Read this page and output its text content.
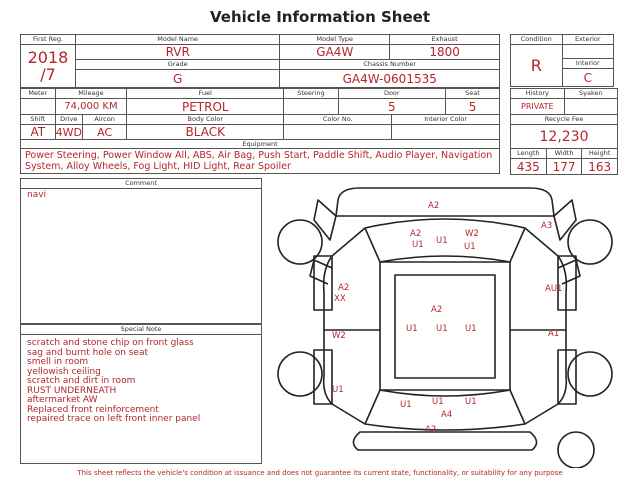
Vehicle Information Sheet
First Reg.	Model Name	Model Type	Exhaust
2018 /7	RVR	GA4W	1800
	Grade	Chassis Number	
	G	GA4W-0601535	
Condition	Exterior
R	
	Interior
	C
Meter	Mileage		Fuel	Steering	Door		Seat
	74,000 KM		PETROL		5		5
Shift	Drive	Aircon	Body Color	Color No.		Interior Color	
AT	4WD	AC	BLACK				
Equipment							
Power Steering, Power Window All, ABS, Air Bag, Push Start, Paddle Shift, Audio Player, Navigation System, Alloy Wheels, Fog Light, HID Light, Rear Spoiler							
History		Syaken	
PRIVATE			
Recycle Fee			
12,230			
Length	Width		Height
435	177		163
Comment
navi
Special Note
scratch and stone chip on front glass
sag and burnt hole on seat
smell in room
yellowish ceiling
scratch and dirt in room
RUST UNDERNEATH
aftermarket AW
Replaced front reinforcement
repaired trace on left front inner panel
A2
A3
A2
U1
W2
U1	U1
A2
XX
AU1
A2
W2
U1 U1 U1	A1
U1
U1 U1	U1
A4
A2
This sheet reflects the vehicle's condition at issuance and does not guarantee its current state, functionality, or suitability for any purpose
